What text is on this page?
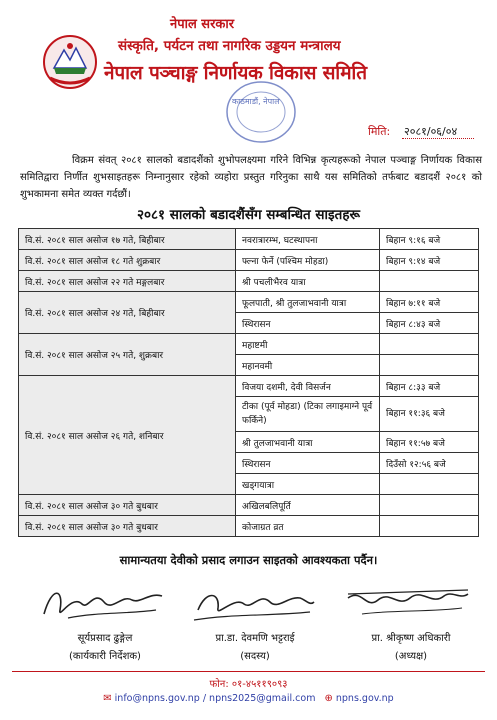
नेपाल सरकार
संस्कृति, पर्यटन तथा नागरिक उड्डयन मन्त्रालय
नेपाल पञ्चाङ्ग निर्णायक विकास समिति
काठमाडौं, नेपाल
मिति: २०८१/०६/०४
विक्रम संवत् २०८१ सालको बडादशैंको शुभोपलक्ष्यमा गरिने विभिन्न कृत्यहरूको नेपाल पञ्चाङ्ग निर्णायक विकास समितिद्वारा निर्णीत शुभसाइतहरू निम्नानुसार रहेको व्यहोरा प्रस्तुत गरिनुका साथै यस समितिको तर्फबाट बडादशैं २०८१ को शुभकामना समेत व्यक्त गर्दछौं।
२०८१ सालको बडादशैंसँग सम्बन्धित साइतहरू
वि.सं. २०८१ साल असोज १७ गते, बिहीबार	नवरात्रारम्भ, घटस्थापना	बिहान ९:१६ बजे
वि.सं. २०८१ साल असोज १८ गते शुक्रबार	फ्ल्ना फेर्ने (पश्चिम मोहडा)	बिहान ९:१४ बजे
वि.सं. २०८१ साल असोज २२ गते मङ्गलबार	श्री पचलीभैरव यात्रा	
वि.सं. २०८१ साल असोज २४ गते, बिहीबार	फूलपाती, श्री तुलजाभवानी यात्रा	बिहान ७:११ बजे
	स्थिरासन	बिहान ८:४३ बजे
वि.सं. २०८१ साल असोज २५ गते, शुक्रबार	महाष्टमी	
	महानवमी	
वि.सं. २०८१ साल असोज २६ गते, शनिबार	विजया दशमी, देवी विसर्जन	बिहान ८:३३ बजे
	टीका (पूर्व मोहडा) (टिका लगाइमाग्ने पूर्व फर्किने)	बिहान ११:३६ बजे
	श्री तुलजाभवानी यात्रा	बिहान ११:५७ बजे
	स्थिरासन	दिउँसो १२:५६ बजे
	खड्गयात्रा	
वि.सं. २०८१ साल असोज ३० गते बुधबार	अखिलबलिपूर्ति	
वि.सं. २०८१ साल असोज ३० गते बुधबार	कोजाग्रत व्रत	
सामान्यतया देवीको प्रसाद लगाउन साइतको आवश्यकता पर्दैन।
सूर्यप्रसाद ढुङ्गेल
(कार्यकारी निर्देशक)
प्रा.डा. देवमणि भट्टराई
(सदस्य)
प्रा. श्रीकृष्ण अधिकारी
(अध्यक्ष)
फोन: ०१-४५११९०९३
✉ info@npns.gov.np / npns2025@gmail.com ⊕ npns.gov.np
